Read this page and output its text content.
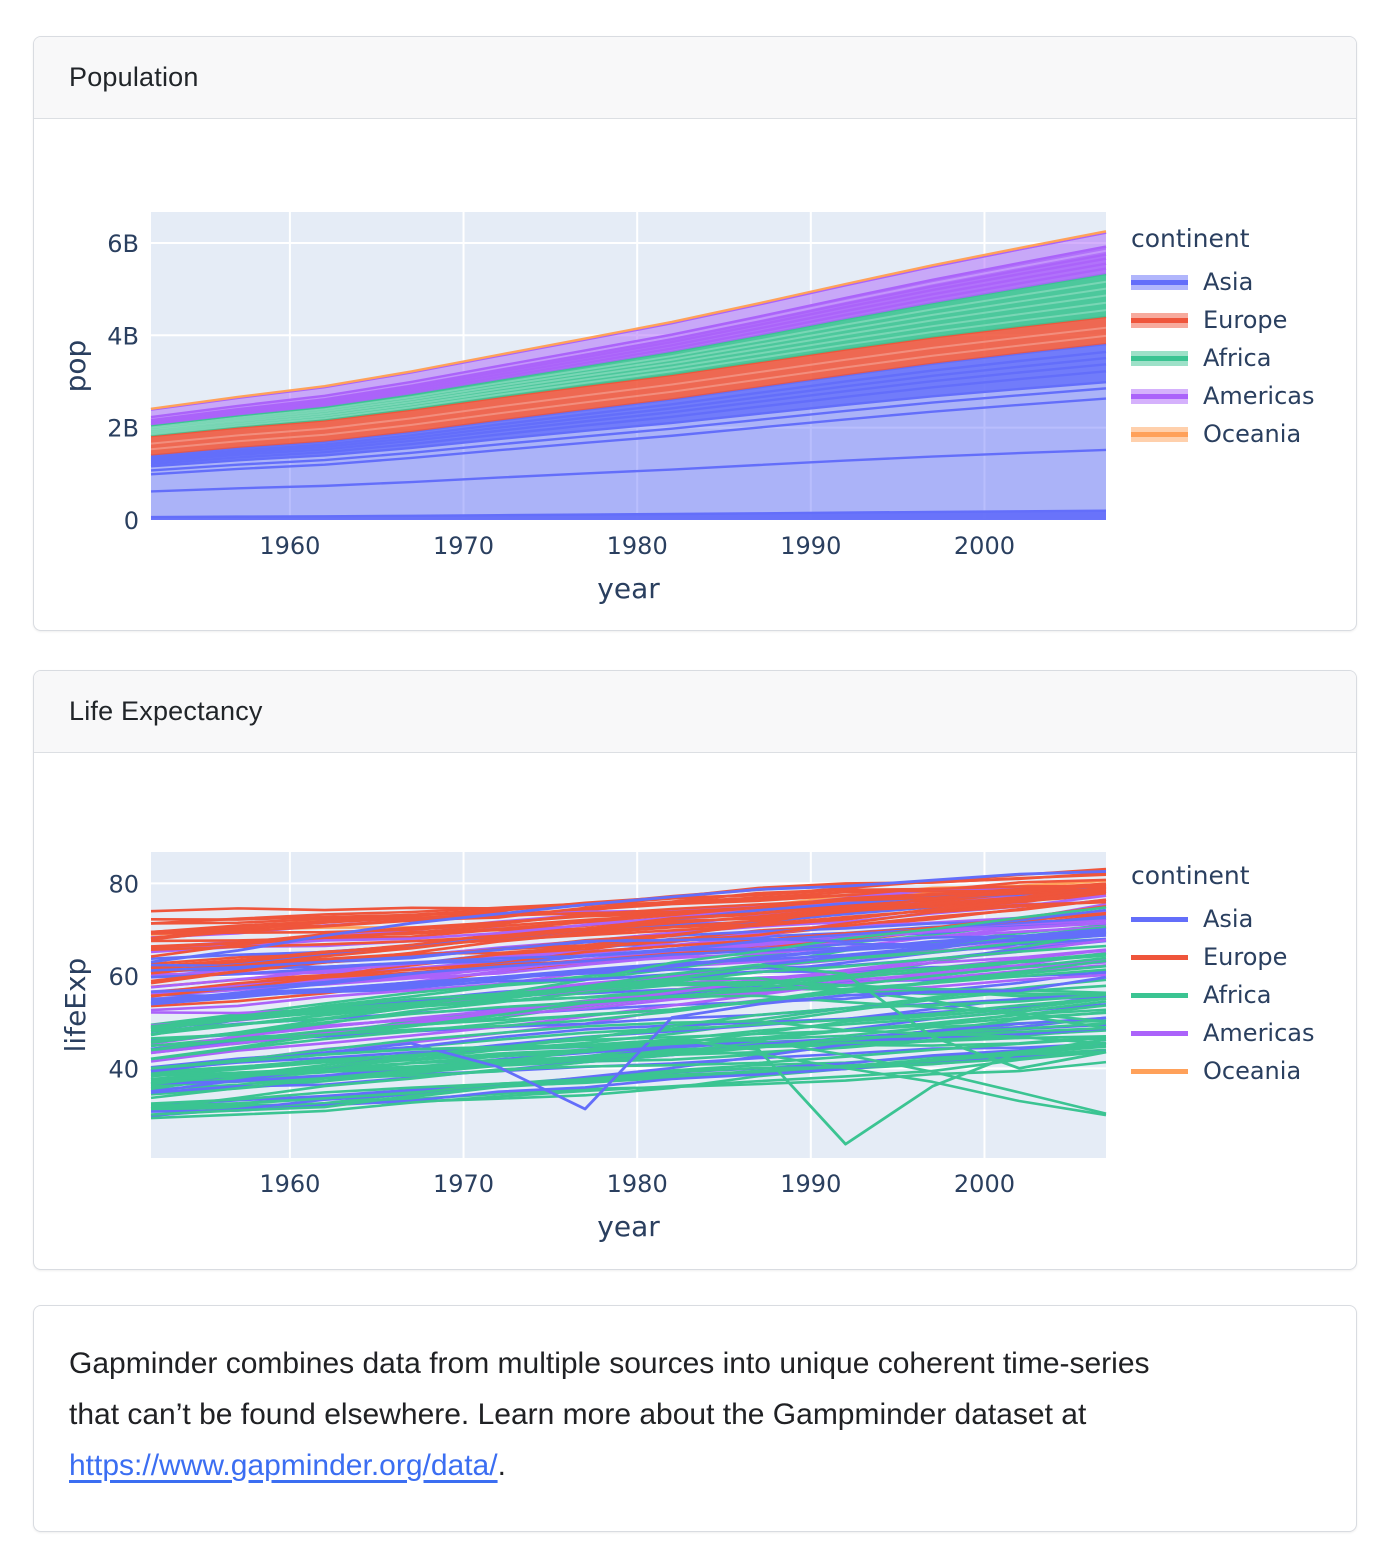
Population
1960	1970	1980	1990	2000
0
2B
4B
6B
year
pop
continent
Asia
Europe
Africa
Americas
Oceania
Life Expectancy
1960	1970	1980	1990	2000
40
60
80
year
lifeExp
continent
Asia
Europe
Africa
Americas
Oceania
Gapminder combines data from multiple sources into unique coherent time-series that can’t be found elsewhere. Learn more about the Gampminder dataset at https://www.gapminder.org/data/.
